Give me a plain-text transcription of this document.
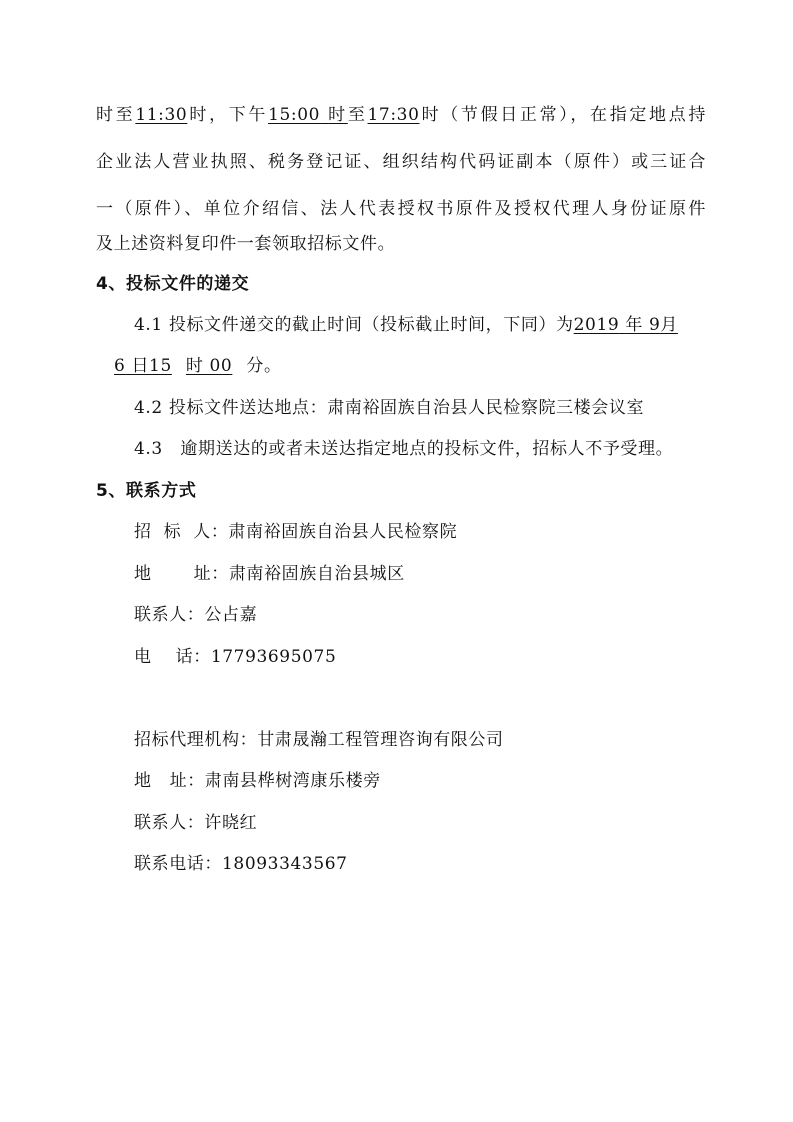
时至11:30时，下午15:00 时至17:30时（节假日正常），在指定地点持
企业法人营业执照、税务登记证、组织结构代码证副本（原件）或三证合
一（原件）、单位介绍信、法人代表授权书原件及授权代理人身份证原件
及上述资料复印件一套领取招标文件。
4、投标文件的递交
4.1 投标文件递交的截止时间（投标截止时间，下同）为2019 年 9月
6 日15 时 00 分。
4.2 投标文件送达地点：肃南裕固族自治县人民检察院三楼会议室
4.3　逾期送达的或者未送达指定地点的投标文件，招标人不予受理。
5、联系方式
招  标  人：肃南裕固族自治县人民检察院
地       址：肃南裕固族自治县城区
联系人：公占嘉
电    话：17793695075
招标代理机构：甘肃晟瀚工程管理咨询有限公司
地   址：肃南县桦树湾康乐楼旁
联系人：许晓红
联系电话：18093343567
